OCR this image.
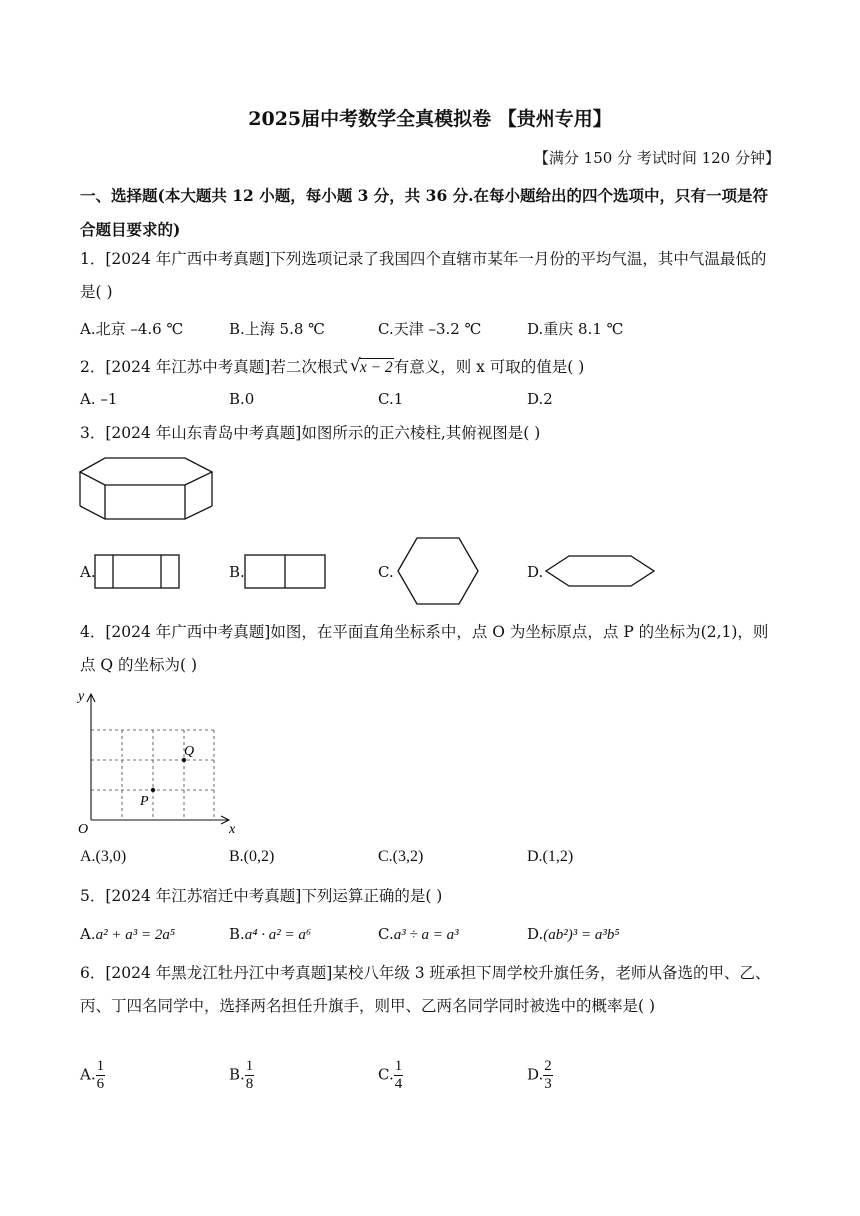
2025届中考数学全真模拟卷 【贵州专用】
【满分 150 分 考试时间 120 分钟】
一、选择题(本大题共 12 小题，每小题 3 分，共 36 分.在每小题给出的四个选项中，只有一项是符合题目要求的)
1．[2024 年广西中考真题]下列选项记录了我国四个直辖市某年一月份的平均气温，其中气温最低的是( )
A.北京 –4.6 ℃	B.上海 5.8 ℃	C.天津 –3.2 ℃	D.重庆 8.1 ℃
2．[2024 年江苏中考真题]若二次根式 √ x − 2有意义，则 x 可取的值是( )
A. –1	B.0	C.1	D.2
3．[2024 年山东青岛中考真题]如图所示的正六棱柱,其俯视图是( )
A.	B.	C.	D.
4．[2024 年广西中考真题]如图，在平面直角坐标系中，点 O 为坐标原点，点 P 的坐标为(2,1)，则点 Q 的坐标为( )
y
x
O
P
Q
A.(3,0)	B.(0,2)	C.(3,2)	D.(1,2)
5．[2024 年江苏宿迁中考真题]下列运算正确的是( )
A.a² + a³ = 2a⁵	B.a⁴ · a² = a⁶	C.a³ ÷ a = a³	D.(ab²)³ = a³b⁵
6．[2024 年黑龙江牡丹江中考真题]某校八年级 3 班承担下周学校升旗任务，老师从备选的甲、乙、丙、丁四名同学中，选择两名担任升旗手，则甲、乙两名同学同时被选中的概率是( )
A. $\frac{1}{6}$	B. $\frac{1}{8}$	C. $\frac{1}{4}$	D. $\frac{2}{3}$
